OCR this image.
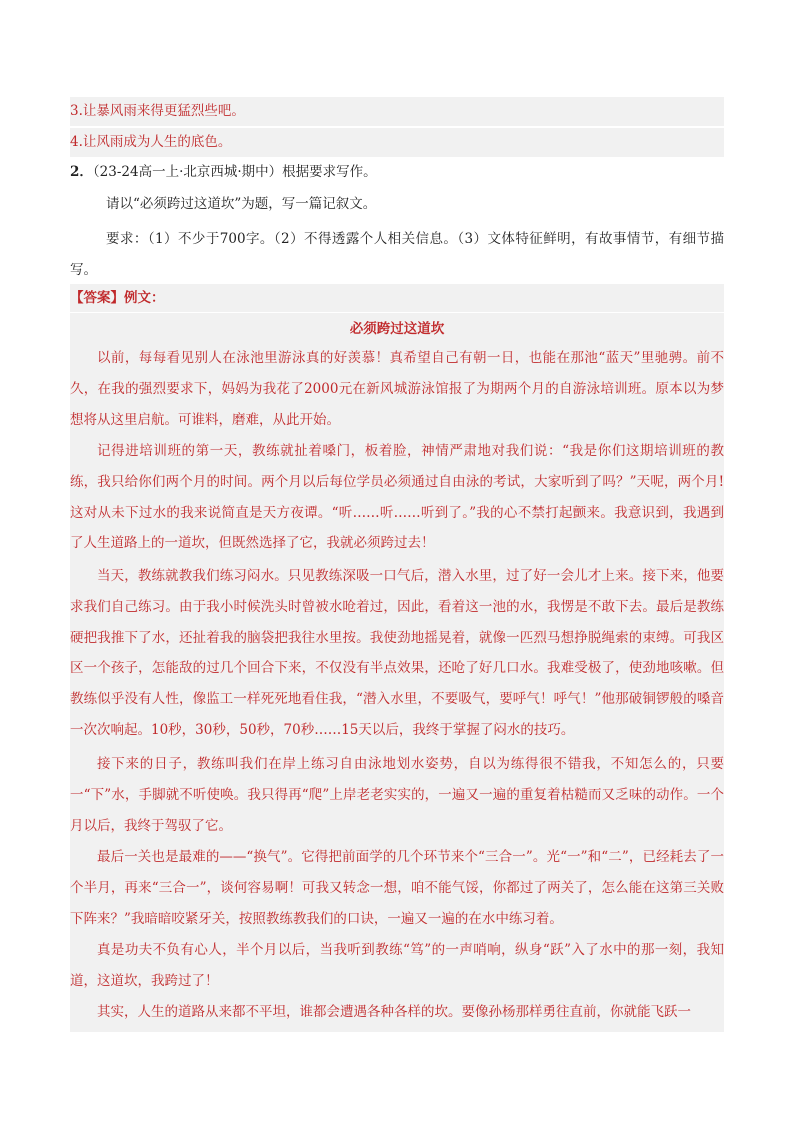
3.让暴风雨来得更猛烈些吧。
4.让风雨成为人生的底色。
2．（23-24高一上·北京西城·期中）根据要求写作。
请以“必须跨过这道坎”为题，写一篇记叙文。
要求：（1）不少于700字。（2）不得透露个人相关信息。（3）文体特征鲜明，有故事情节，有细节描写。
【答案】例文：
必须跨过这道坎

以前，每每看见别人在泳池里游泳真的好羡慕！真希望自己有朝一日，也能在那池“蓝天”里驰骋。前不久，在我的强烈要求下，妈妈为我花了2000元在新风城游泳馆报了为期两个月的自游泳培训班。原本以为梦想将从这里启航。可谁料，磨难，从此开始。

记得进培训班的第一天，教练就扯着嗓门，板着脸，神情严肃地对我们说：“我是你们这期培训班的教练，我只给你们两个月的时间。两个月以后每位学员必须通过自由泳的考试，大家听到了吗？”天呢，两个月!这对从未下过水的我来说简直是天方夜谭。“听……听……听到了。”我的心不禁打起颤来。我意识到，我遇到了人生道路上的一道坎，但既然选择了它，我就必须跨过去！

当天，教练就教我们练习闷水。只见教练深吸一口气后，潜入水里，过了好一会儿才上来。接下来，他要求我们自己练习。由于我小时候洗头时曾被水呛着过，因此，看着这一池的水，我愣是不敢下去。最后是教练硬把我推下了水，还扯着我的脑袋把我往水里按。我使劲地摇晃着，就像一匹烈马想挣脱绳索的束缚。可我区区一个孩子，怎能敌的过几个回合下来，不仅没有半点效果，还呛了好几口水。我难受极了，使劲地咳嗽。但教练似乎没有人性，像监工一样死死地看住我，“潜入水里，不要吸气，要呼气！呼气！”他那破铜锣般的嗓音一次次响起。10秒，30秒，50秒，70秒……15天以后，我终于掌握了闷水的技巧。

接下来的日子，教练叫我们在岸上练习自由泳地划水姿势，自以为练得很不错我，不知怎么的，只要一“下”水，手脚就不听使唤。我只得再“爬”上岸老老实实的，一遍又一遍的重复着枯糙而又乏味的动作。一个月以后，我终于驾驭了它。

最后一关也是最难的——“换气”。它得把前面学的几个环节来个“三合一”。光“一”和“二”，已经耗去了一个半月，再来“三合一”，谈何容易啊！可我又转念一想，咱不能气馁，你都过了两关了，怎么能在这第三关败下阵来？”我暗暗咬紧牙关，按照教练教我们的口诀，一遍又一遍的在水中练习着。

真是功夫不负有心人，半个月以后，当我听到教练“笃”的一声哨响，纵身“跃”入了水中的那一刻，我知道，这道坎，我跨过了！

其实，人生的道路从来都不平坦，谁都会遭遇各种各样的坎。要像孙杨那样勇往直前，你就能飞跃一
